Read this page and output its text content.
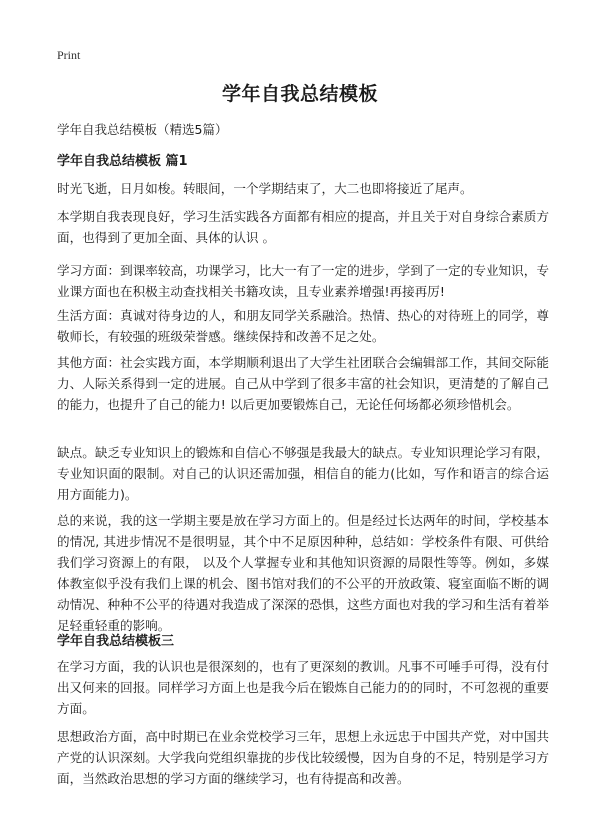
Print
学年自我总结模板
学年自我总结模板（精选5篇）
学年自我总结模板 篇1
时光飞逝，日月如梭。转眼间，一个学期结束了，大二也即将接近了尾声。
本学期自我表现良好，学习生活实践各方面都有相应的提高，并且关于对自身综合素质方面，也得到了更加全面、具体的认识 。
学习方面：到课率较高，功课学习，比大一有了一定的进步，学到了一定的专业知识，专业课方面也在积极主动查找相关书籍攻读，且专业素养增强!再接再厉!
生活方面：真诚对待身边的人，和朋友同学关系融洽。热情、热心的对待班上的同学，尊敬师长，有较强的班级荣誉感。继续保持和改善不足之处。
其他方面：社会实践方面，本学期顺利退出了大学生社团联合会编辑部工作，其间交际能力、人际关系得到一定的进展。自己从中学到了很多丰富的社会知识，更清楚的了解自己的能力，也提升了自己的能力! 以后更加要锻炼自己，无论任何场都必须珍惜机会。
缺点。缺乏专业知识上的锻炼和自信心不够强是我最大的缺点。专业知识理论学习有限，专业知识面的限制。对自己的认识还需加强，相信自的能力(比如，写作和语言的综合运用方面能力)。
总的来说，我的这一学期主要是放在学习方面上的。但是经过长达两年的时间，学校基本的情况, 其进步情况不是很明显，其个中不足原因种种，总结如：学校条件有限、可供给我们学习资源上的有限， 以及个人掌握专业和其他知识资源的局限性等等。例如，多媒体教室似乎没有我们上课的机会、图书馆对我们的不公平的开放政策、寝室面临不断的调动情况、种种不公平的待遇对我造成了深深的恐惧，这些方面也对我的学习和生活有着举足轻重轻重的影响。
学年自我总结模板三
在学习方面，我的认识也是很深刻的，也有了更深刻的教训。凡事不可唾手可得，没有付出又何来的回报。同样学习方面上也是我今后在锻炼自己能力的的同时，不可忽视的重要方面。
思想政治方面，高中时期已在业余党校学习三年，思想上永远忠于中国共产党，对中国共产党的认识深刻。大学我向党组织靠拢的步伐比较缓慢，因为自身的不足，特别是学习方面，当然政治思想的学习方面的继续学习，也有待提高和改善。
